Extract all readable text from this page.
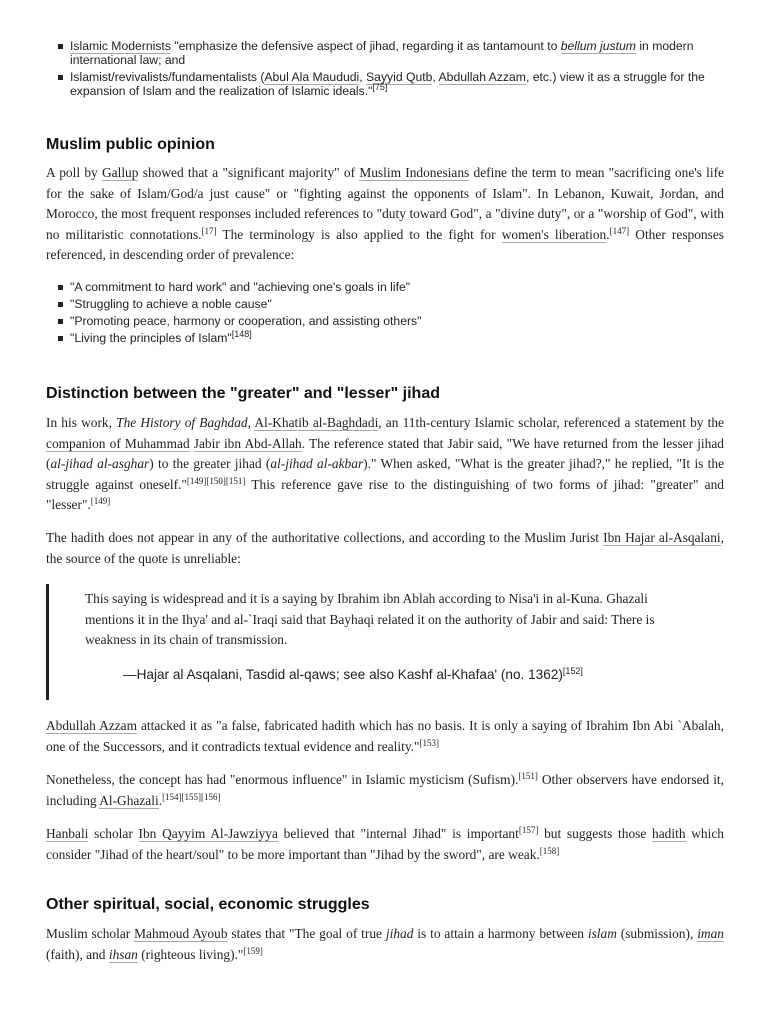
Islamic Modernists "emphasize the defensive aspect of jihad, regarding it as tantamount to bellum justum in modern international law; and
Islamist/revivalists/fundamentalists (Abul Ala Maududi, Sayyid Qutb, Abdullah Azzam, etc.) view it as a struggle for the expansion of Islam and the realization of Islamic ideals."[75]
Muslim public opinion

A poll by Gallup showed that a "significant majority" of Muslim Indonesians define the term to mean "sacrificing one's life for the sake of Islam/God/a just cause" or "fighting against the opponents of Islam". In Lebanon, Kuwait, Jordan, and Morocco, the most frequent responses included references to "duty toward God", a "divine duty", or a "worship of God", with no militaristic connotations.[17] The terminology is also applied to the fight for women's liberation.[147] Other responses referenced, in descending order of prevalence:

"A commitment to hard work" and "achieving one's goals in life"
"Struggling to achieve a noble cause"
"Promoting peace, harmony or cooperation, and assisting others"
"Living the principles of Islam"[148]
Distinction between the "greater" and "lesser" jihad

In his work, The History of Baghdad, Al-Khatib al-Baghdadi, an 11th-century Islamic scholar, referenced a statement by the companion of Muhammad Jabir ibn Abd-Allah. The reference stated that Jabir said, "We have returned from the lesser jihad (al-jihad al-asghar) to the greater jihad (al-jihad al-akbar)." When asked, "What is the greater jihad?," he replied, "It is the struggle against oneself."[149][150][151] This reference gave rise to the distinguishing of two forms of jihad: "greater" and "lesser".[149]

The hadith does not appear in any of the authoritative collections, and according to the Muslim Jurist Ibn Hajar al-Asqalani, the source of the quote is unreliable:

This saying is widespread and it is a saying by Ibrahim ibn Ablah according to Nisa'i in al-Kuna. Ghazali mentions it in the Ihya' and al-`Iraqi said that Bayhaqi related it on the authority of Jabir and said: There is weakness in its chain of transmission.

—Hajar al Asqalani, Tasdid al-qaws; see also Kashf al-Khafaa' (no. 1362)[152]

Abdullah Azzam attacked it as "a false, fabricated hadith which has no basis. It is only a saying of Ibrahim Ibn Abi `Abalah, one of the Successors, and it contradicts textual evidence and reality."[153]

Nonetheless, the concept has had "enormous influence" in Islamic mysticism (Sufism).[151] Other observers have endorsed it, including Al-Ghazali.[154][155][156]

Hanbali scholar Ibn Qayyim Al-Jawziyya believed that "internal Jihad" is important[157] but suggests those hadith which consider "Jihad of the heart/soul" to be more important than "Jihad by the sword", are weak.[158]

Other spiritual, social, economic struggles

Muslim scholar Mahmoud Ayoub states that "The goal of true jihad is to attain a harmony between islam (submission), iman (faith), and ihsan (righteous living)."[159]
